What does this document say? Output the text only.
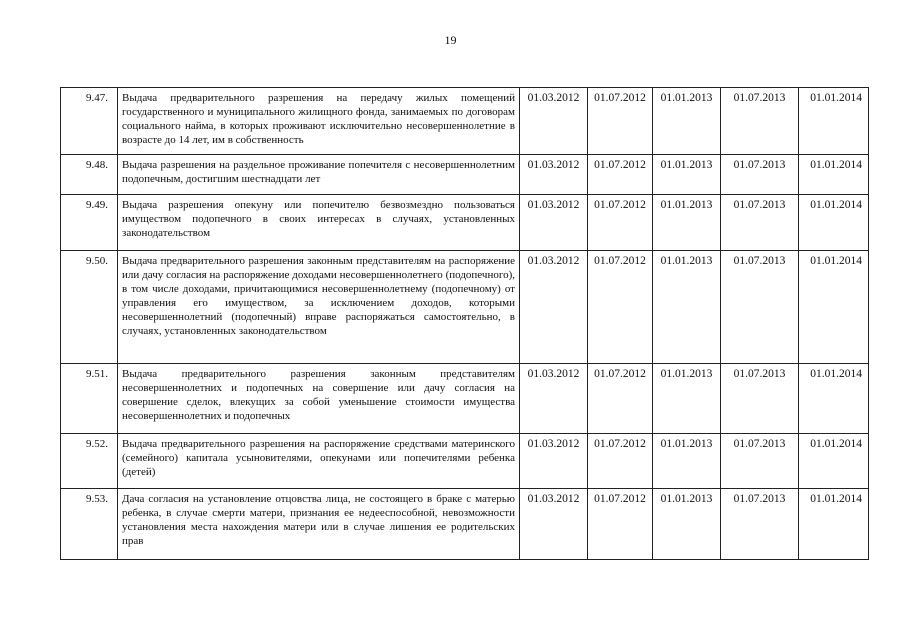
19
9.47.	Выдача предварительного разрешения на передачу жилых помещений государственного и муниципального жилищного фонда, занимаемых по договорам социального найма, в которых проживают исключительно несовершеннолетние в возрасте до 14 лет, им в собственность	01.03.2012	01.07.2012	01.01.2013	01.07.2013	01.01.2014
9.48.	Выдача разрешения на раздельное проживание попечителя с несовершеннолетним подопечным, достигшим шестнадцати лет	01.03.2012	01.07.2012	01.01.2013	01.07.2013	01.01.2014
9.49.	Выдача разрешения опекуну или попечителю безвозмездно пользоваться имуществом подопечного в своих интересах в случаях, установленных законодательством	01.03.2012	01.07.2012	01.01.2013	01.07.2013	01.01.2014
9.50.	Выдача предварительного разрешения законным представителям на распоряжение или дачу согласия на распоряжение доходами несовершеннолетнего (подопечного), в том числе доходами, причитающимися несовершеннолетнему (подопечному) от управления его имуществом, за исключением доходов, которыми несовершеннолетний (подопечный) вправе распоряжаться самостоятельно, в случаях, установленных законодательством	01.03.2012	01.07.2012	01.01.2013	01.07.2013	01.01.2014
9.51.	Выдача предварительного разрешения законным представителям несовершеннолетних и подопечных на совершение или дачу согласия на совершение сделок, влекущих за собой уменьшение стоимости имущества несовершеннолетних и подопечных	01.03.2012	01.07.2012	01.01.2013	01.07.2013	01.01.2014
9.52.	Выдача предварительного разрешения на распоряжение средствами материнского (семейного) капитала усыновителями, опекунами или попечителями ребенка (детей)	01.03.2012	01.07.2012	01.01.2013	01.07.2013	01.01.2014
9.53.	Дача согласия на установление отцовства лица, не состоящего в браке с матерью ребенка, в случае смерти матери, признания ее недееспособной, невозможности установления места нахождения матери или в случае лишения ее родительских прав	01.03.2012	01.07.2012	01.01.2013	01.07.2013	01.01.2014
